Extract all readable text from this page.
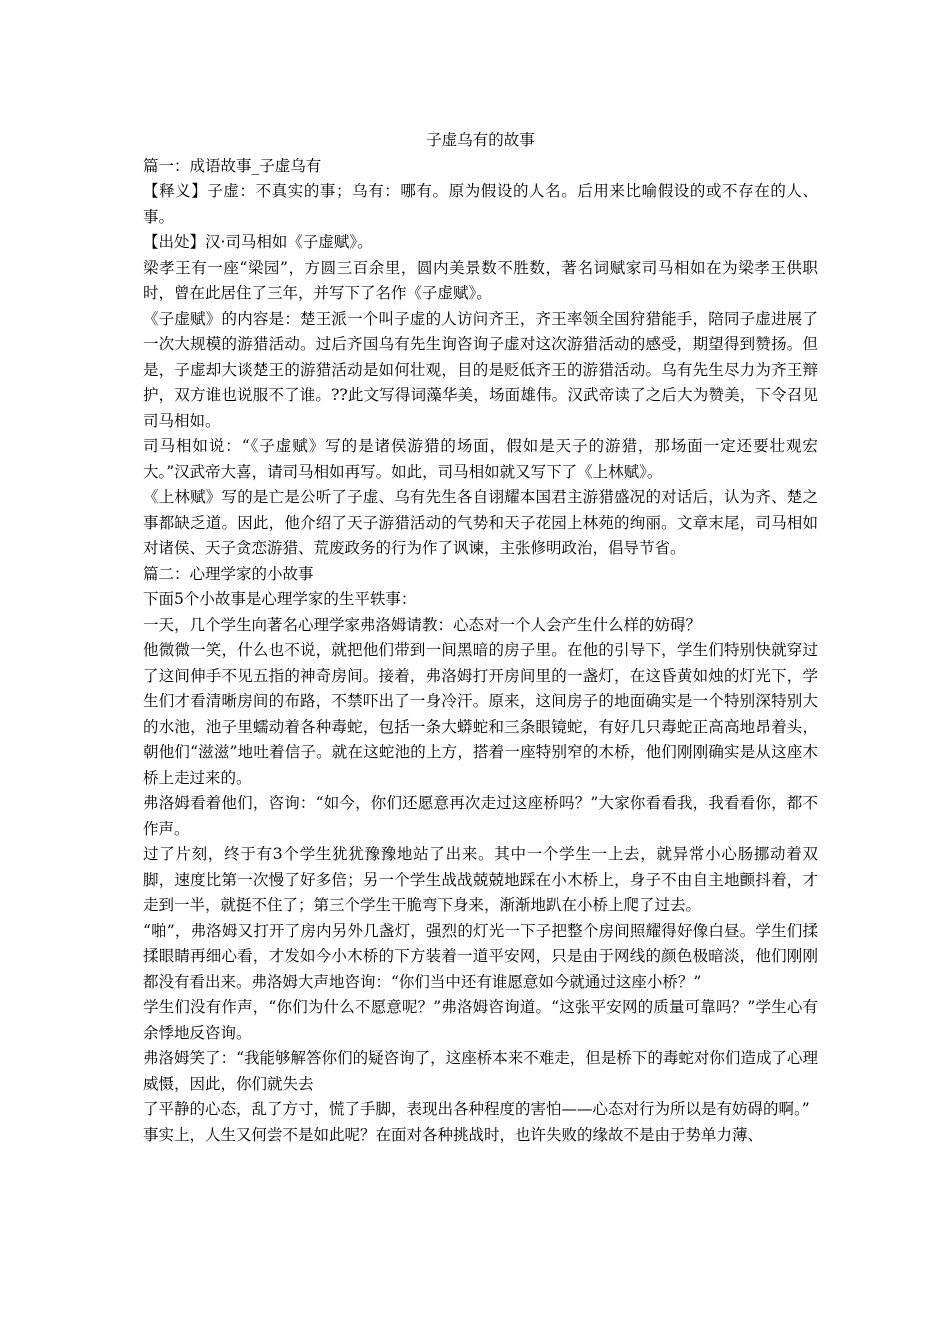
子虚乌有的故事

篇一：成语故事_子虚乌有

【释义】子虚：不真实的事；乌有：哪有。原为假设的人名。后用来比喻假设的或不存在的人、事。

【出处】汉·司马相如《子虚赋》。

梁孝王有一座“梁园”，方圆三百余里，圆内美景数不胜数，著名词赋家司马相如在为梁孝王供职时，曾在此居住了三年，并写下了名作《子虚赋》。

《子虚赋》的内容是：楚王派一个叫子虚的人访问齐王，齐王率领全国狩猎能手，陪同子虚进展了一次大规模的游猎活动。过后齐国乌有先生询咨询子虚对这次游猎活动的感受，期望得到赞扬。但是，子虚却大谈楚王的游猎活动是如何壮观，目的是贬低齐王的游猎活动。乌有先生尽力为齐王辩护，双方谁也说服不了谁。??此文写得词藻华美，场面雄伟。汉武帝读了之后大为赞美，下令召见司马相如。

司马相如说：“《子虚赋》写的是诸侯游猎的场面，假如是天子的游猎，那场面一定还要壮观宏大。”汉武帝大喜，请司马相如再写。如此，司马相如就又写下了《上林赋》。

《上林赋》写的是亡是公听了子虚、乌有先生各自诩耀本国君主游猎盛况的对话后，认为齐、楚之事都缺乏道。因此，他介绍了天子游猎活动的气势和天子花园上林苑的绚丽。文章末尾，司马相如对诸侯、天子贪恋游猎、荒废政务的行为作了讽谏，主张修明政治，倡导节省。

篇二：心理学家的小故事

下面5个小故事是心理学家的生平轶事：

一天，几个学生向著名心理学家弗洛姆请教：心态对一个人会产生什么样的妨碍？

他微微一笑，什么也不说，就把他们带到一间黑暗的房子里。在他的引导下，学生们特别快就穿过了这间伸手不见五指的神奇房间。接着，弗洛姆打开房间里的一盏灯，在这昏黄如烛的灯光下，学生们才看清晰房间的布路，不禁吓出了一身冷汗。原来，这间房子的地面确实是一个特别深特别大的水池，池子里蠕动着各种毒蛇，包括一条大蟒蛇和三条眼镜蛇，有好几只毒蛇正高高地昂着头，朝他们“滋滋”地吐着信子。就在这蛇池的上方，搭着一座特别窄的木桥，他们刚刚确实是从这座木桥上走过来的。

弗洛姆看着他们，咨询：“如今，你们还愿意再次走过这座桥吗？”大家你看看我，我看看你，都不作声。

过了片刻，终于有3个学生犹犹豫豫地站了出来。其中一个学生一上去，就异常小心肠挪动着双脚，速度比第一次慢了好多倍；另一个学生战战兢兢地踩在小木桥上，身子不由自主地颤抖着，才走到一半，就挺不住了；第三个学生干脆弯下身来，渐渐地趴在小桥上爬了过去。

“啪”，弗洛姆又打开了房内另外几盏灯，强烈的灯光一下子把整个房间照耀得好像白昼。学生们揉揉眼睛再细心看，才发如今小木桥的下方装着一道平安网，只是由于网线的颜色极暗淡，他们刚刚都没有看出来。弗洛姆大声地咨询：“你们当中还有谁愿意如今就通过这座小桥？”

学生们没有作声，“你们为什么不愿意呢？”弗洛姆咨询道。“这张平安网的质量可靠吗？”学生心有余悸地反咨询。

弗洛姆笑了：“我能够解答你们的疑咨询了，这座桥本来不难走，但是桥下的毒蛇对你们造成了心理威慑，因此，你们就失去

了平静的心态，乱了方寸，慌了手脚，表现出各种程度的害怕——心态对行为所以是有妨碍的啊。”

事实上，人生又何尝不是如此呢？在面对各种挑战时，也许失败的缘故不是由于势单力薄、
